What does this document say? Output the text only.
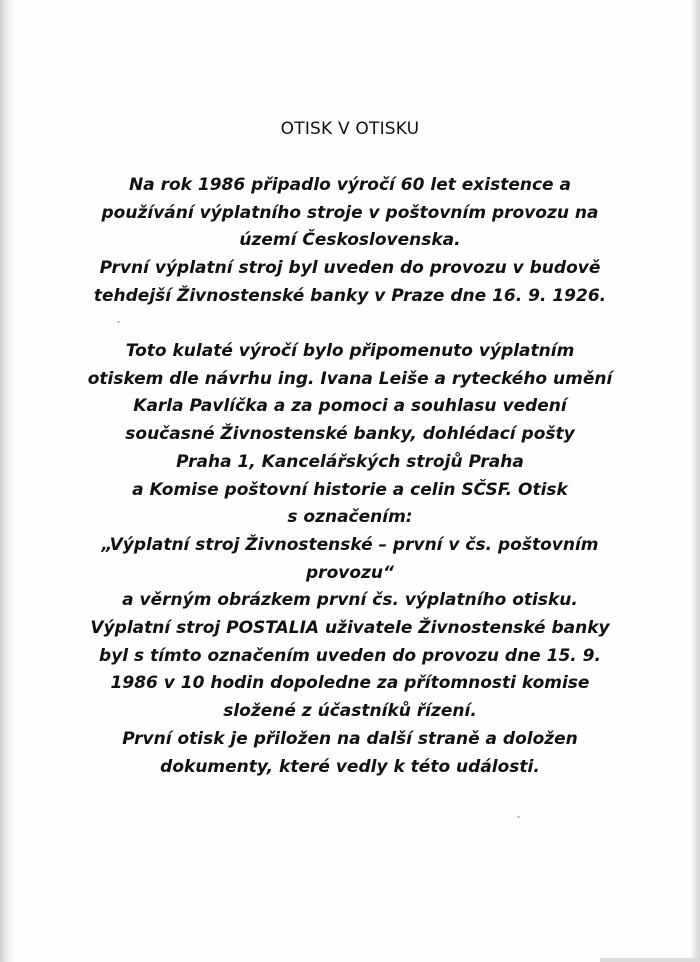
OTISK V OTISKU

Na rok 1986 připadlo výročí 60 let existence a
používání výplatního stroje v poštovním provozu na
území Československa.
První výplatní stroj byl uveden do provozu v budově
tehdejší Živnostenské banky v Praze dne 16. 9. 1926.

Toto kulaté výročí bylo připomenuto výplatním
otiskem dle návrhu ing. Ivana Leiše a ryteckého umění
Karla Pavlíčka a za pomoci a souhlasu vedení
současné Živnostenské banky, dohlédací pošty
Praha 1, Kancelářských strojů Praha
a Komise poštovní historie a celin SČSF. Otisk
s označením:
„Výplatní stroj Živnostenské – první v čs. poštovním
provozu“
a věrným obrázkem první čs. výplatního otisku.
Výplatní stroj POSTALIA uživatele Živnostenské banky
byl s tímto označením uveden do provozu dne 15. 9.
1986 v 10 hodin dopoledne za přítomnosti komise
složené z účastníků řízení.
První otisk je přiložen na další straně a doložen
dokumenty, které vedly k této události.
